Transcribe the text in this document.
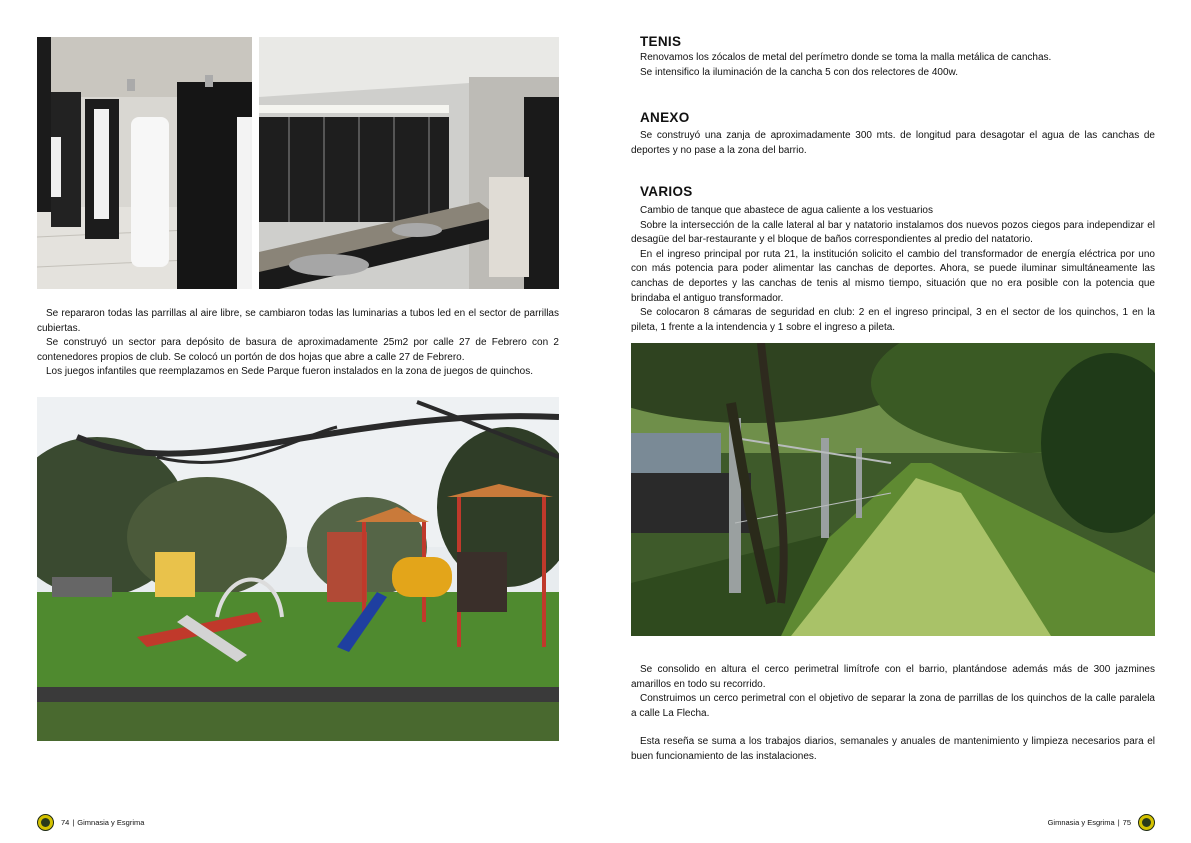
Se repararon todas las parrillas al aire libre, se cambiaron todas las luminarias a tubos led en el sector de parrillas cubiertas.

Se construyó un sector para depósito de basura de aproximadamente 25m2 por calle 27 de Febrero con 2 contenedores propios de club. Se colocó un portón de dos hojas que abre a calle 27 de Febrero.

Los juegos infantiles que reemplazamos en Sede Parque fueron instalados en la zona de juegos de quinchos.

74 | Gimnasia y Esgrima
TENIS

Renovamos los zócalos de metal del perímetro donde se toma la malla metálica de canchas.

Se intensifico la iluminación de la cancha 5 con dos relectores de 400w.

ANEXO

Se construyó una zanja de aproximadamente 300 mts. de longitud para desagotar el agua de las canchas de deportes y no pase a la zona del barrio.

VARIOS

Cambio de tanque que abastece de agua caliente a los vestuarios

Sobre la intersección de la calle lateral al bar y natatorio instalamos dos nuevos pozos ciegos para independizar el desagüe del bar-restaurante y el bloque de baños correspondientes al predio del natatorio.

En el ingreso principal por ruta 21, la institución solicito el cambio del transformador de energía eléctrica por uno con más potencia para poder alimentar las canchas de deportes. Ahora, se puede iluminar simultáneamente las canchas de deportes y las canchas de tenis al mismo tiempo, situación que no era posible con la potencia que brindaba el antiguo transformador.

Se colocaron 8 cámaras de seguridad en club: 2 en el ingreso principal, 3 en el sector de los quinchos, 1 en la pileta, 1 frente a la intendencia y 1 sobre el ingreso a pileta.

Se consolido en altura el cerco perimetral limítrofe con el barrio, plantándose además más de 300 jazmines amarillos en todo su recorrido.

Construimos un cerco perimetral con el objetivo de separar la zona de parrillas de los quinchos de la calle paralela a calle La Flecha.

Esta reseña se suma a los trabajos diarios, semanales y anuales de mantenimiento y limpieza necesarios para el buen funcionamiento de las instalaciones.

Gimnasia y Esgrima | 75
